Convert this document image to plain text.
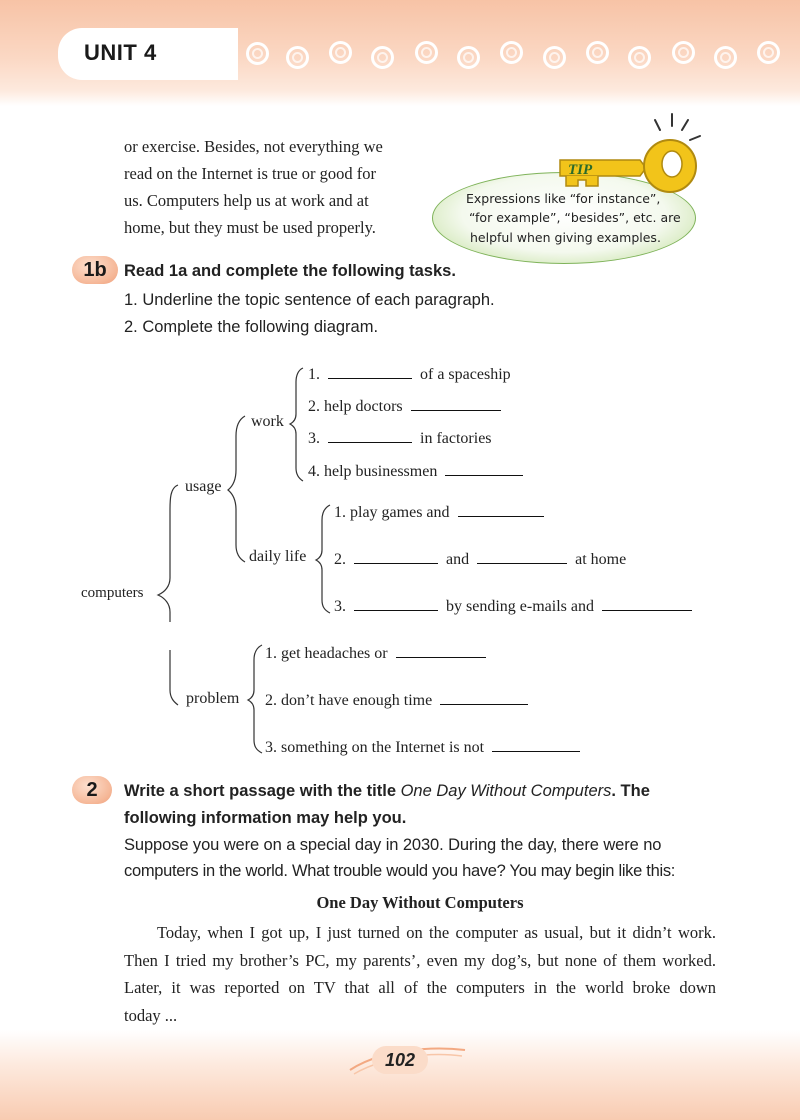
UNIT 4
or exercise. Besides, not everything we
read on the Internet is true or good for
us. Computers help us at work and at
home, but they must be used properly.
TIP
Expressions like “for instance”,
“for example”, “besides”, etc. are
helpful when giving examples.
1b	Read 1a and complete the following tasks.
1. Underline the topic sentence of each paragraph.
2. Complete the following diagram.
computers
usage
work
daily life
problem
1.	of a spaceship
2. help doctors
3.	in factories
4. help businessmen
1. play games and
2.	and	at home
3.	by sending e-mails and
1. get headaches or
2. don’t have enough time
3. something on the Internet is not
2	Write a short passage with the title One Day Without Computers. The
following information may help you.
Suppose you were on a special day in 2030. During the day, there were no
computers in the world. What trouble would you have? You may begin like this:
One Day Without Computers
Today, when I got up, I just turned on the computer as usual, but it didn’t work.
Then I tried my brother’s PC, my parents’, even my dog’s, but none of them worked.
Later, it was reported on TV that all of the computers in the world broke down
today ...
102
